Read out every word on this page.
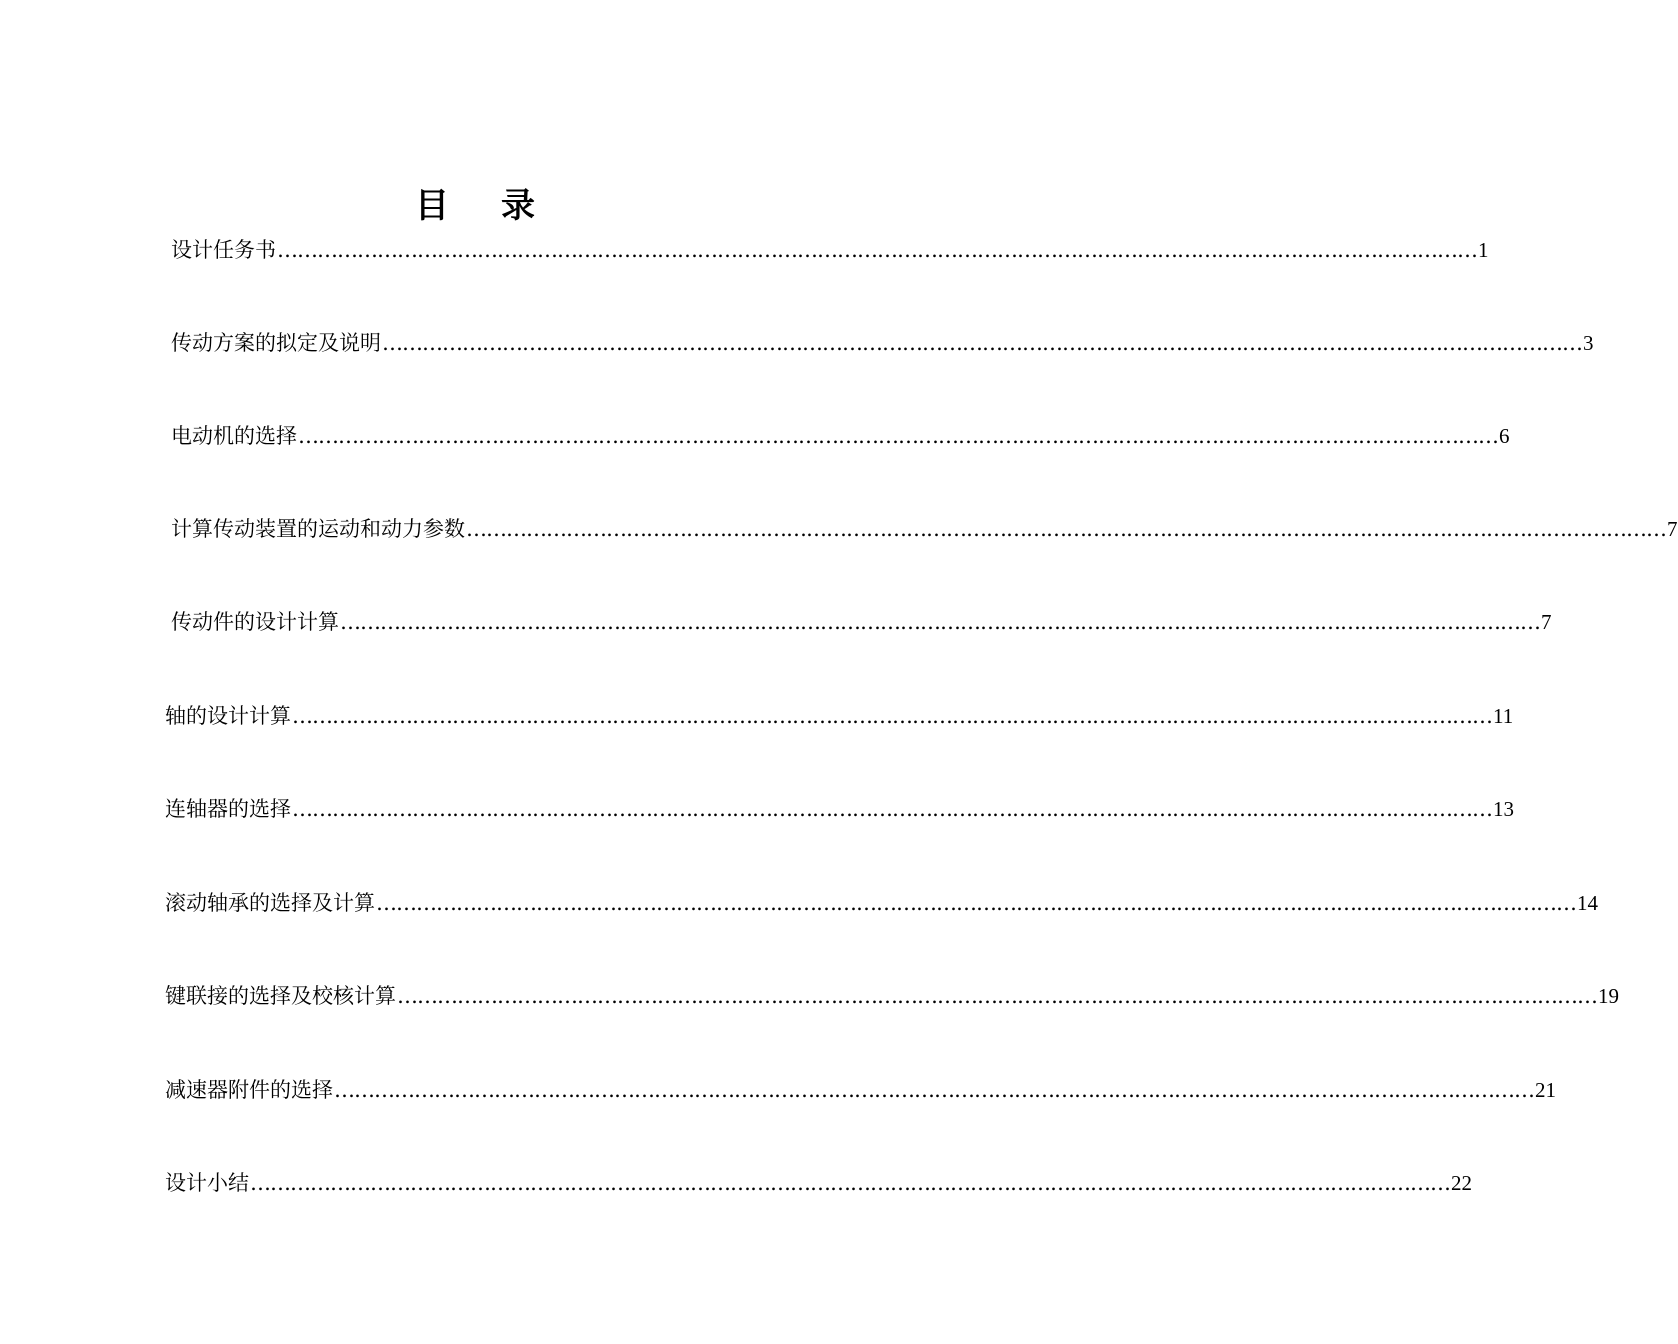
目 录
设计任务书 ……………………………………………………………………………………………………………………………………………………………… 1
传动方案的拟定及说明 ……………………………………………………………………………………………………………………………………………………………… 3
电动机的选择 ……………………………………………………………………………………………………………………………………………………………… 6
计算传动装置的运动和动力参数 ……………………………………………………………………………………………………………………………………………………………… 7
传动件的设计计算 ……………………………………………………………………………………………………………………………………………………………… 7
轴的设计计算 ……………………………………………………………………………………………………………………………………………………………… 11
连轴器的选择 ……………………………………………………………………………………………………………………………………………………………… 13
滚动轴承的选择及计算 ……………………………………………………………………………………………………………………………………………………………… 14
键联接的选择及校核计算 ……………………………………………………………………………………………………………………………………………………………… 19
减速器附件的选择 ……………………………………………………………………………………………………………………………………………………………… 21
设计小结 ……………………………………………………………………………………………………………………………………………………………… 22
